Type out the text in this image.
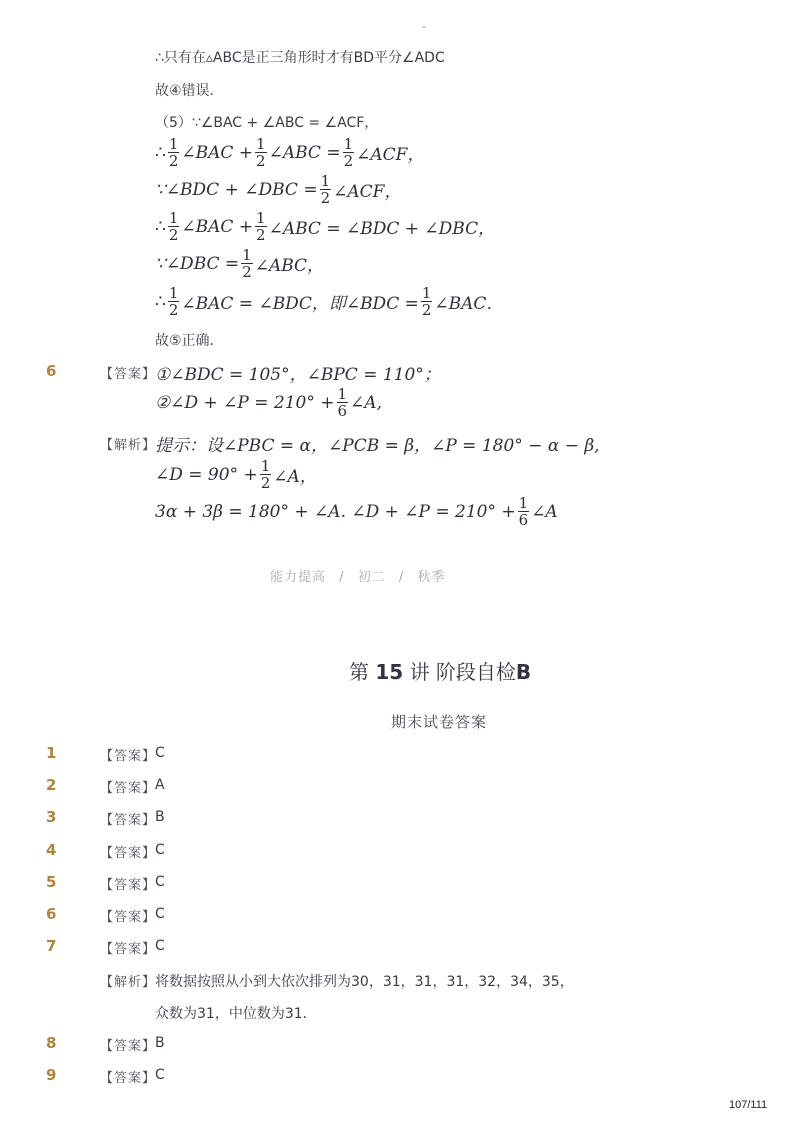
-
∴只有在▵ABC是正三角形时才有BD平分∠ADC
故④错误．
（5）∵∠BAC + ∠ABC = ∠ACF，
∴ $\frac{1}{2}$ ∠BAC + $\frac{1}{2}$ ∠ABC = $\frac{1}{2}$ ∠ACF，
∵∠BDC + ∠DBC = $\frac{1}{2}$ ∠ACF，
∴ $\frac{1}{2}$ ∠BAC + $\frac{1}{2}$ ∠ABC = ∠BDC + ∠DBC，
∵∠DBC = $\frac{1}{2}$ ∠ABC，
∴ $\frac{1}{2}$ ∠BAC = ∠BDC，即∠BDC = $\frac{1}{2}$ ∠BAC．
故⑤正确．
6	【答案】
①∠BDC = 105°，∠BPC = 110°；
②∠D + ∠P = $210^\circ + \frac{1}{6}$ ∠A,
【解析】
提示：设∠PBC = α，∠PCB = β，∠P = 180° − α − β,
∠D = $90^\circ + \frac{1}{2}$ ∠A，
3α + 3β = 180° + ∠A. ∠D + ∠P = $210^\circ + \frac{1}{6}$ ∠A
能力提高 / 初二 / 秋季
第 15 讲 阶段自检B
期末试卷答案
1	【答案】
C
2	【答案】
A
3	【答案】
B
4	【答案】
C
5	【答案】
C
6	【答案】
C
7	【答案】
C
【解析】
将数据按照从小到大依次排列为30，31，31，31，32，34，35，
众数为31，中位数为31．
8	【答案】
B
9	【答案】
C
107/111
